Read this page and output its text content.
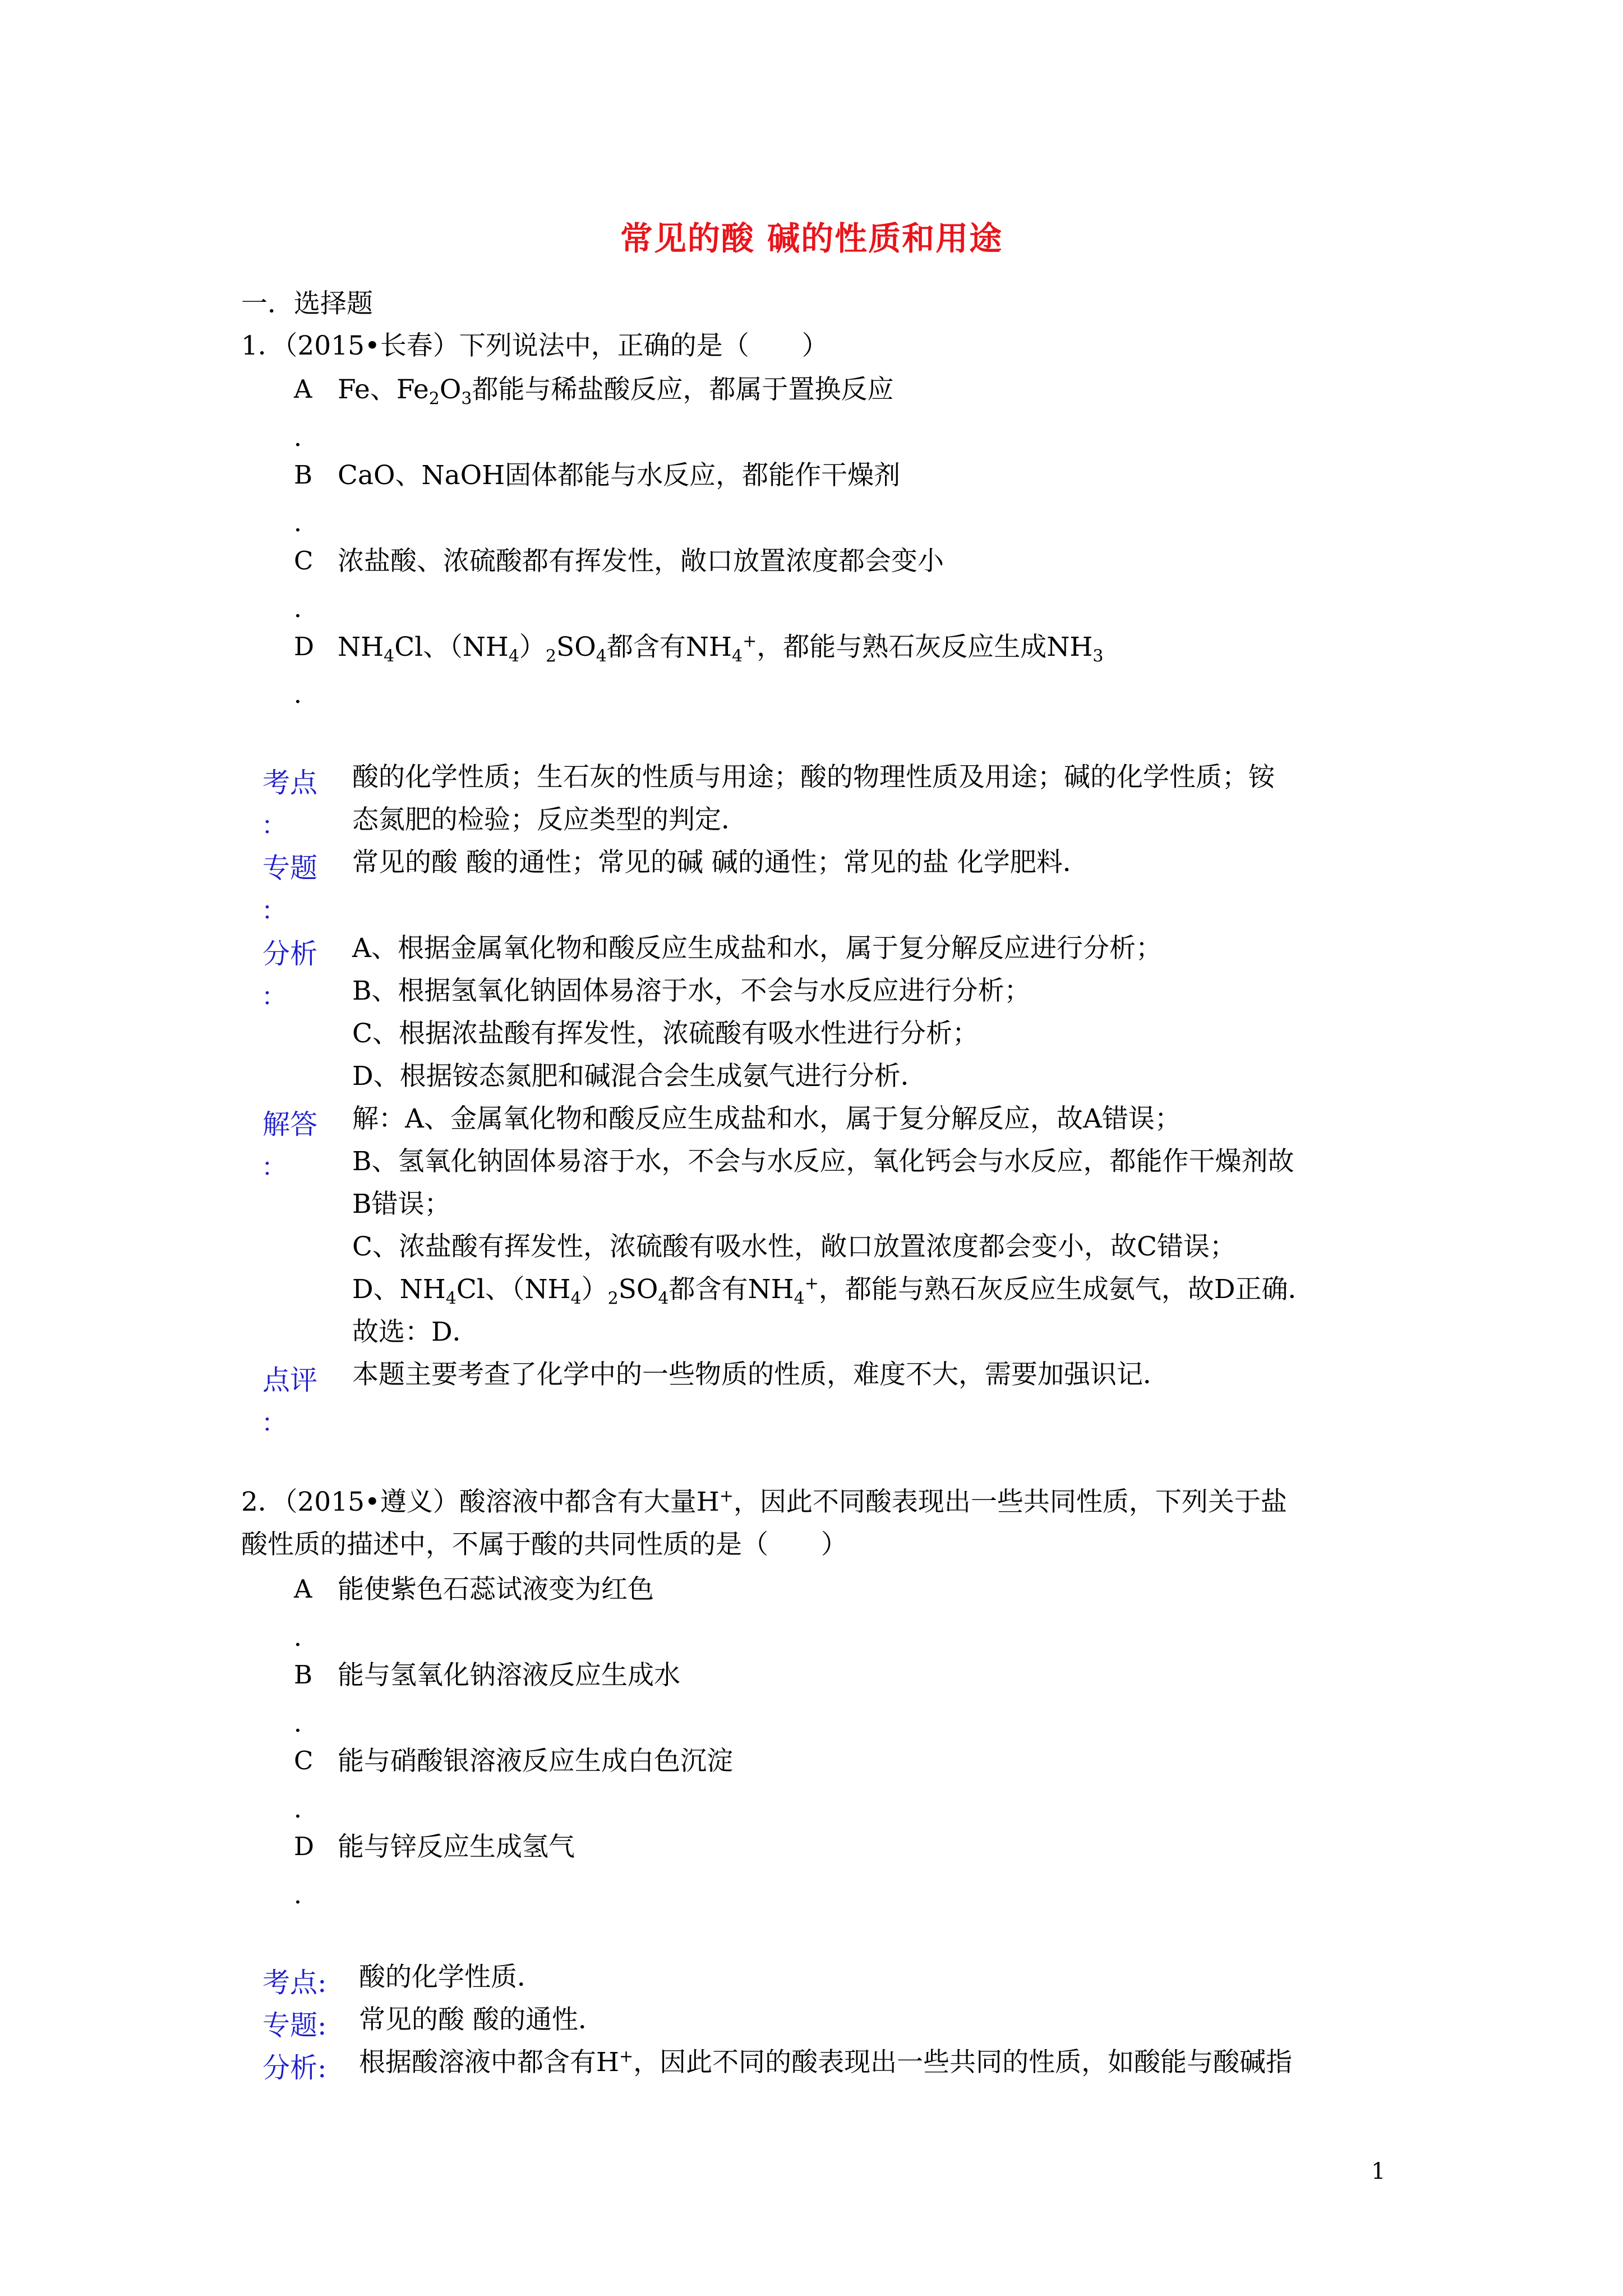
常见的酸 碱的性质和用途
一．选择题
1．（2015•长春）下列说法中，正确的是（　　）
A
．
Fe、$Fe_2O_3$都能与稀盐酸反应，都属于置换反应
B
．
CaO、NaOH固体都能与水反应，都能作干燥剂
C
．
浓盐酸、浓硫酸都有挥发性，敞口放置浓度都会变小
D
．
$NH_4Cl$、$(NH_4)_2SO_4$都含有$NH_4^+$，都能与熟石灰反应生成$NH_3$
考点
：
酸的化学性质；生石灰的性质与用途；酸的物理性质及用途；碱的化学性质；铵
态氮肥的检验；反应类型的判定．
专题
：
常见的酸 酸的通性；常见的碱 碱的通性；常见的盐 化学肥料．
分析
：
A、根据金属氧化物和酸反应生成盐和水，属于复分解反应进行分析；
B、根据氢氧化钠固体易溶于水，不会与水反应进行分析；
C、根据浓盐酸有挥发性，浓硫酸有吸水性进行分析；
D、根据铵态氮肥和碱混合会生成氨气进行分析．
解答
：
解：A、金属氧化物和酸反应生成盐和水，属于复分解反应，故A错误；
B、氢氧化钠固体易溶于水，不会与水反应，氧化钙会与水反应，都能作干燥剂故
B错误；
C、浓盐酸有挥发性，浓硫酸有吸水性，敞口放置浓度都会变小，故C错误；
D、$NH_4Cl$、$(NH_4)_2SO_4$都含有$NH_4^+$，都能与熟石灰反应生成氨气，故D正确．
故选：D．
点评
：
本题主要考查了化学中的一些物质的性质，难度不大，需要加强识记．
2．（2015•遵义）酸溶液中都含有大量H+，因此不同酸表现出一些共同性质，下列关于盐
酸性质的描述中，不属于酸的共同性质的是（　　）
A
．
能使紫色石蕊试液变为红色
B
．
能与氢氧化钠溶液反应生成水
C
．
能与硝酸银溶液反应生成白色沉淀
D
．
能与锌反应生成氢气
考点: 酸的化学性质．
专题: 常见的酸 酸的通性．
分析: 根据酸溶液中都含有H+，因此不同的酸表现出一些共同的性质，如酸能与酸碱指
1
